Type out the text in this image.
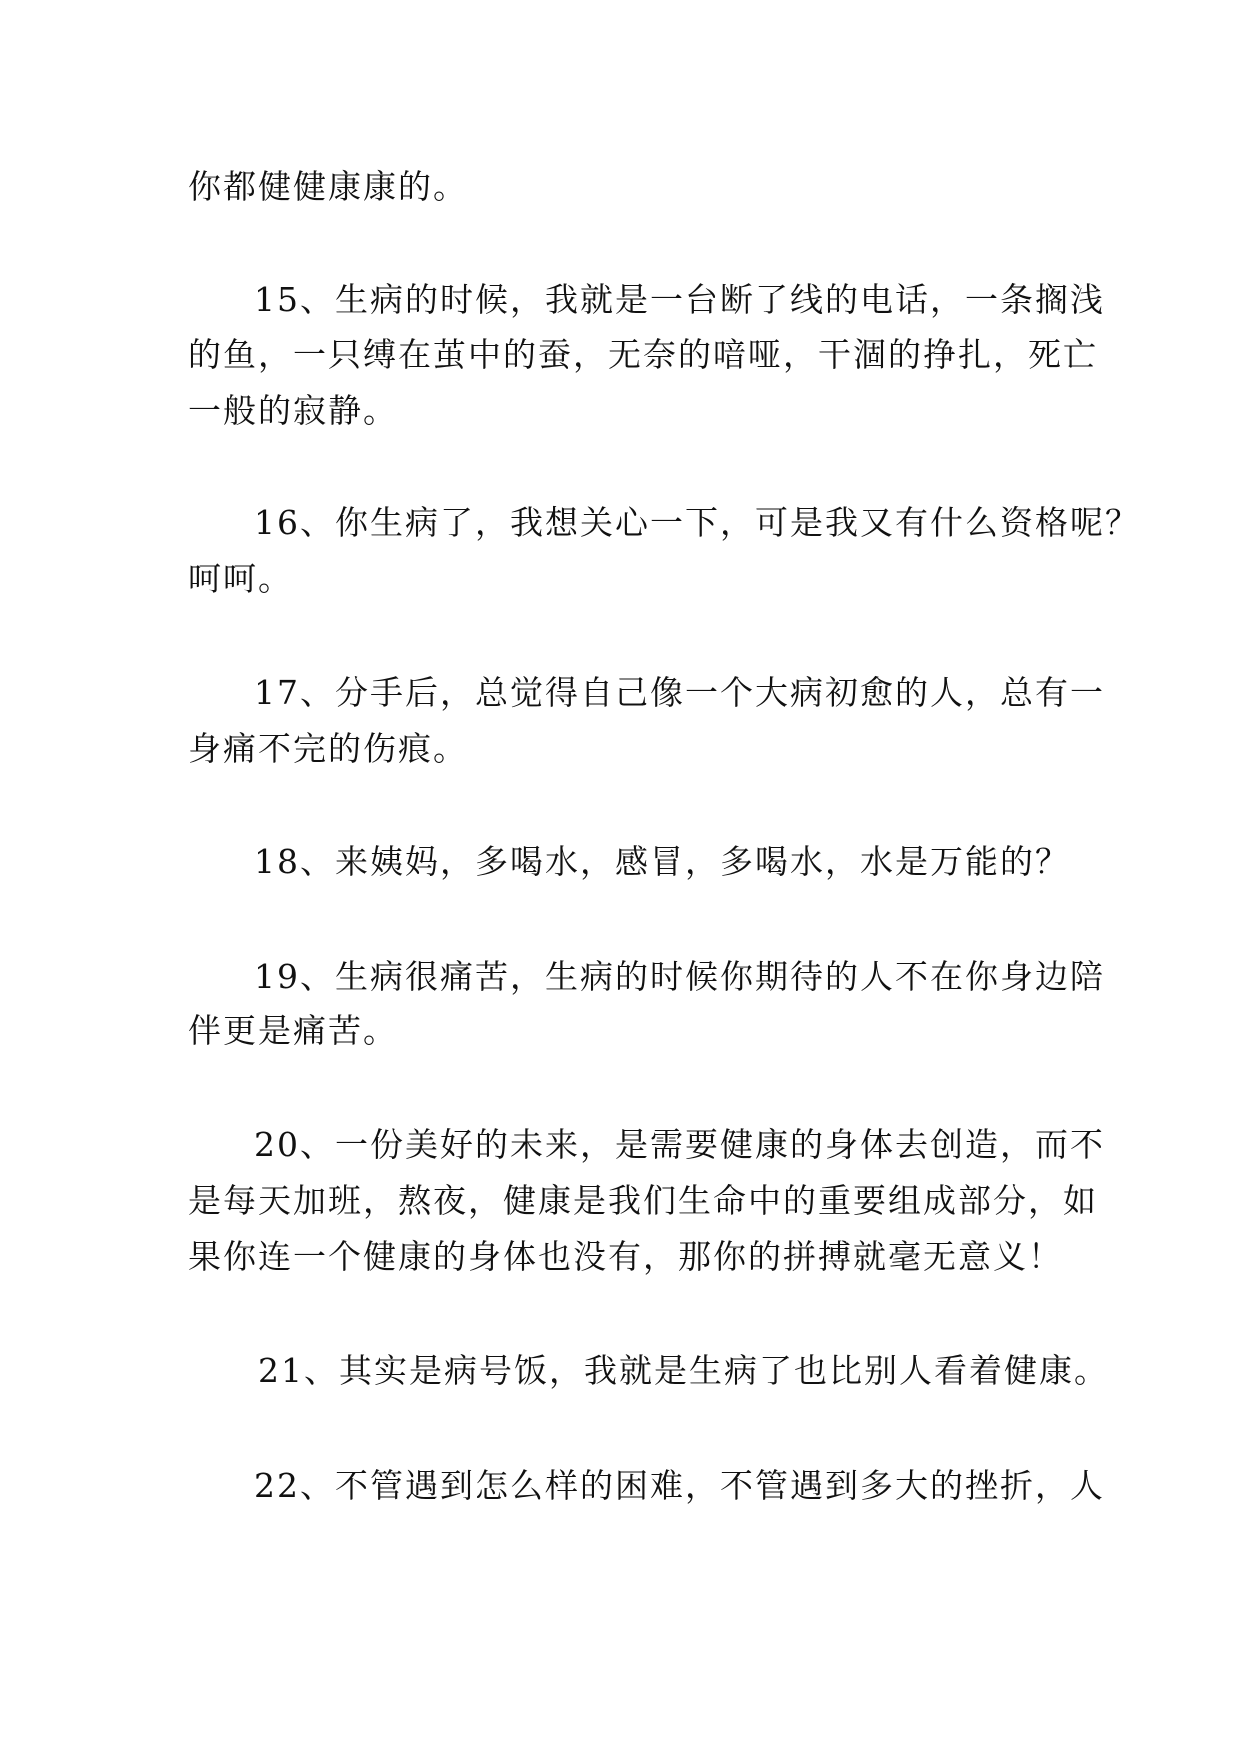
你都健健康康的。

15、生病的时候，我就是一台断了线的电话，一条搁浅

的鱼，一只缚在茧中的蚕，无奈的喑哑，干涸的挣扎，死亡

一般的寂静。

16、你生病了，我想关心一下，可是我又有什么资格呢？

呵呵。

17、分手后，总觉得自己像一个大病初愈的人，总有一

身痛不完的伤痕。

18、来姨妈，多喝水，感冒，多喝水，水是万能的？

19、生病很痛苦，生病的时候你期待的人不在你身边陪

伴更是痛苦。

20、一份美好的未来，是需要健康的身体去创造，而不

是每天加班，熬夜，健康是我们生命中的重要组成部分，如

果你连一个健康的身体也没有，那你的拼搏就毫无意义！

21、其实是病号饭，我就是生病了也比别人看着健康。

22、不管遇到怎么样的困难，不管遇到多大的挫折，人
